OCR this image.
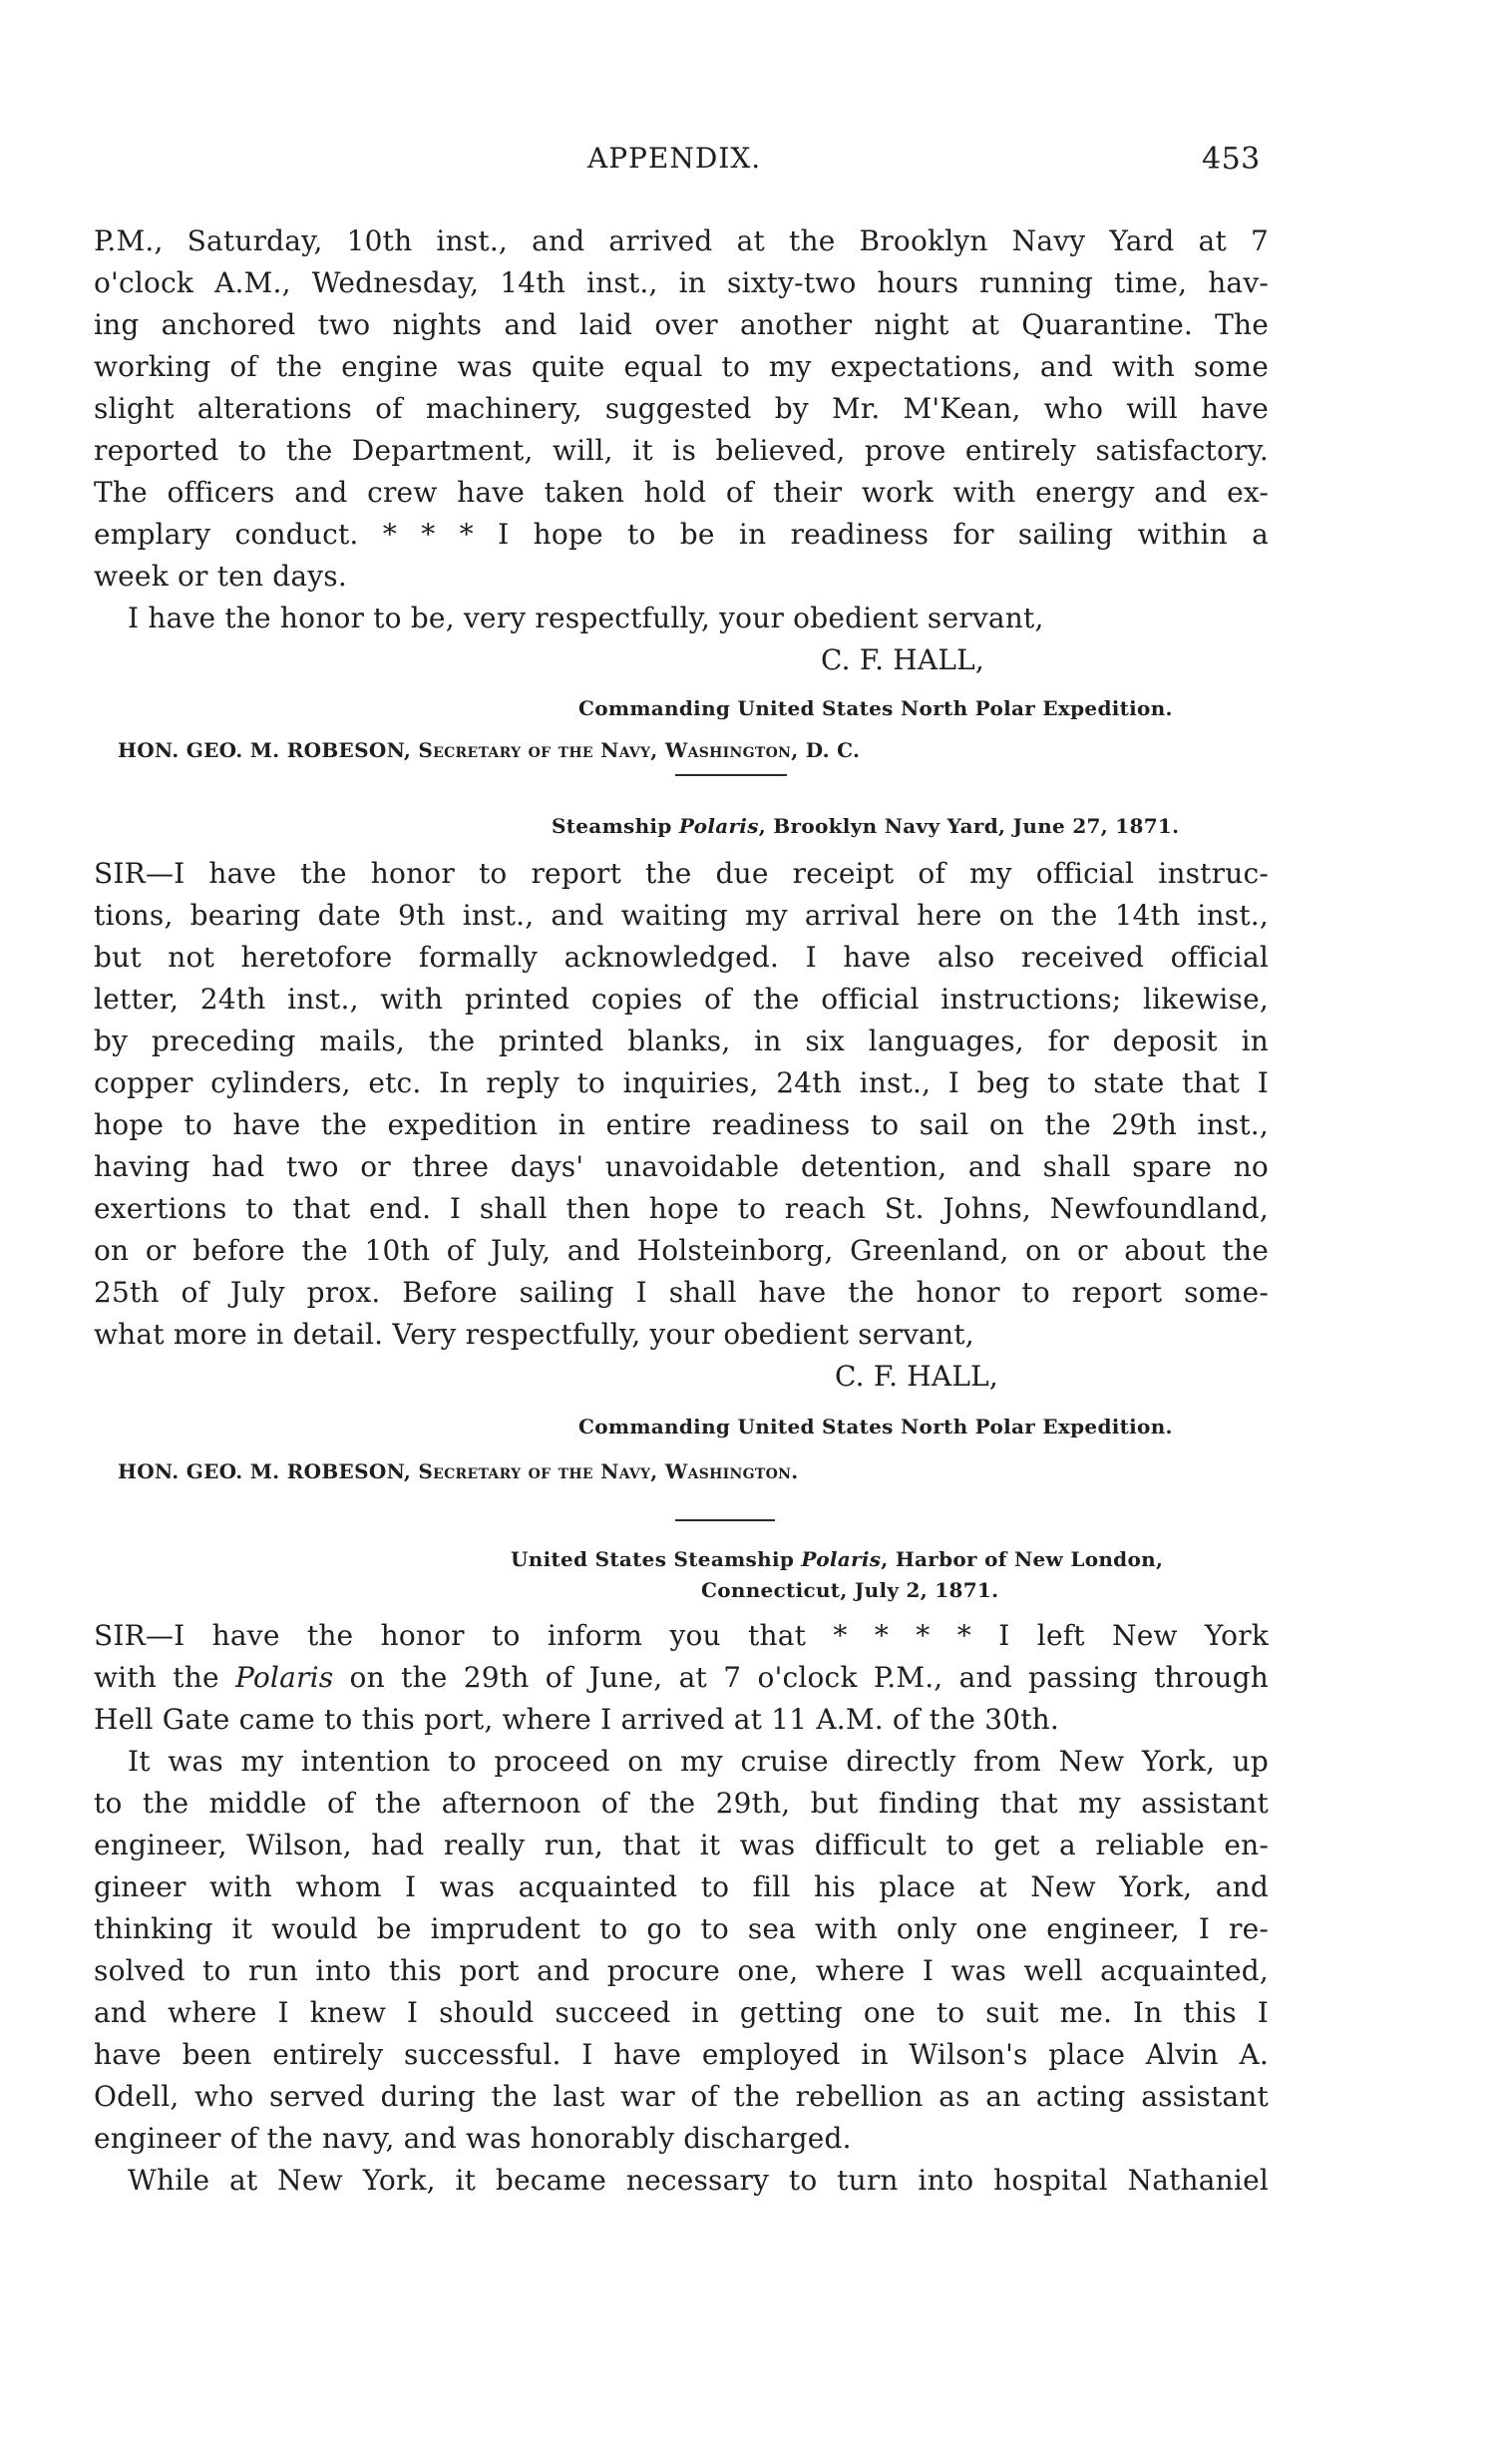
APPENDIX.	453
P.M., Saturday, 10th inst., and arrived at the Brooklyn Navy Yard at 7
o'clock A.M., Wednesday, 14th inst., in sixty-two hours running time, hav-
ing anchored two nights and laid over another night at Quarantine. The
working of the engine was quite equal to my expectations, and with some
slight alterations of machinery, suggested by Mr. M'Kean, who will have
reported to the Department, will, it is believed, prove entirely satisfactory.
The officers and crew have taken hold of their work with energy and ex-
emplary conduct. * * * I hope to be in readiness for sailing within a
week or ten days.
I have the honor to be, very respectfully, your obedient servant,
C. F. HALL,
Commanding United States North Polar Expedition.
HON. GEO. M. ROBESON, Secretary of the Navy, Washington, D. C.
Steamship Polaris, Brooklyn Navy Yard, June 27, 1871.
SIR—I have the honor to report the due receipt of my official instruc-
tions, bearing date 9th inst., and waiting my arrival here on the 14th inst.,
but not heretofore formally acknowledged. I have also received official
letter, 24th inst., with printed copies of the official instructions; likewise,
by preceding mails, the printed blanks, in six languages, for deposit in
copper cylinders, etc. In reply to inquiries, 24th inst., I beg to state that I
hope to have the expedition in entire readiness to sail on the 29th inst.,
having had two or three days' unavoidable detention, and shall spare no
exertions to that end. I shall then hope to reach St. Johns, Newfoundland,
on or before the 10th of July, and Holsteinborg, Greenland, on or about the
25th of July prox. Before sailing I shall have the honor to report some-
what more in detail. Very respectfully, your obedient servant,
C. F. HALL,
Commanding United States North Polar Expedition.
HON. GEO. M. ROBESON, Secretary of the Navy, Washington.
United States Steamship Polaris, Harbor of New London,
Connecticut, July 2, 1871.
SIR—I have the honor to inform you that * * * * I left New York
with the Polaris on the 29th of June, at 7 o'clock P.M., and passing through
Hell Gate came to this port, where I arrived at 11 A.M. of the 30th.
It was my intention to proceed on my cruise directly from New York, up
to the middle of the afternoon of the 29th, but finding that my assistant
engineer, Wilson, had really run, that it was difficult to get a reliable en-
gineer with whom I was acquainted to fill his place at New York, and
thinking it would be imprudent to go to sea with only one engineer, I re-
solved to run into this port and procure one, where I was well acquainted,
and where I knew I should succeed in getting one to suit me. In this I
have been entirely successful. I have employed in Wilson's place Alvin A.
Odell, who served during the last war of the rebellion as an acting assistant
engineer of the navy, and was honorably discharged.
While at New York, it became necessary to turn into hospital Nathaniel
